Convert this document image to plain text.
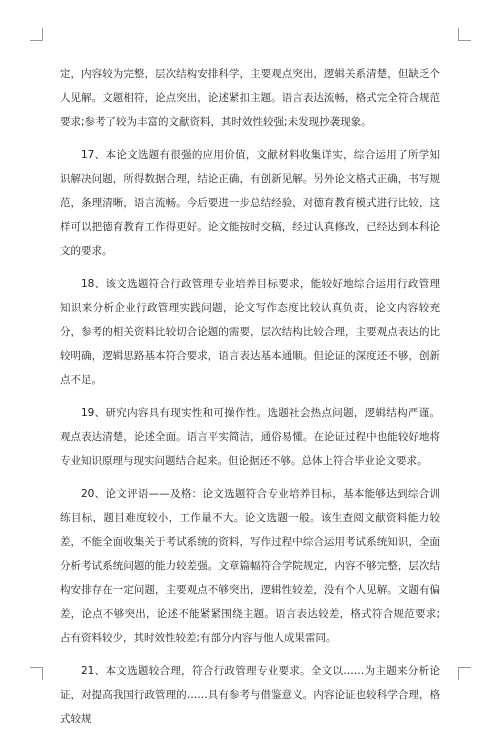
定，内容较为完整，层次结构安排科学，主要观点突出，逻辑关系清楚，但缺乏个人见解。文题相符，论点突出，论述紧扣主题。语言表达流畅，格式完全符合规范要求;参考了较为丰富的文献资料，其时效性较强;未发现抄袭现象。

17、本论文选题有很强的应用价值，文献材料收集详实，综合运用了所学知识解决问题，所得数据合理，结论正确，有创新见解。另外论文格式正确，书写规范，条理清晰，语言流畅。今后要进一步总结经验，对德育教育模式进行比较，这样可以把德育教育工作得更好。论文能按时交稿，经过认真修改，已经达到本科论文的要求。

18、该文选题符合行政管理专业培养目标要求，能较好地综合运用行政管理知识来分析企业行政管理实践问题，论文写作态度比较认真负责，论文内容较充分，参考的相关资料比较切合论题的需要，层次结构比较合理，主要观点表达的比较明确，逻辑思路基本符合要求，语言表达基本通顺。但论证的深度还不够，创新点不足。

19、研究内容具有现实性和可操作性。选题社会热点问题，逻辑结构严谨。观点表达清楚，论述全面。语言平实简洁，通俗易懂。在论证过程中也能较好地将专业知识原理与现实问题结合起来。但论据还不够。总体上符合毕业论文要求。

20、论文评语——及格：论文选题符合专业培养目标，基本能够达到综合训练目标，题目难度较小，工作量不大。论文选题一般。该生查阅文献资料能力较差，不能全面收集关于考试系统的资料，写作过程中综合运用考试系统知识，全面分析考试系统问题的能力较差强。文章篇幅符合学院规定，内容不够完整，层次结构安排存在一定问题，主要观点不够突出，逻辑性较差，没有个人见解。文题有偏差，论点不够突出，论述不能紧紧围绕主题。语言表达较差，格式符合规范要求;占有资料较少，其时效性较差;有部分内容与他人成果雷同。

21、本文选题较合理，符合行政管理专业要求。全文以……为主题来分析论证，对提高我国行政管理的……具有参考与借鉴意义。内容论证也较科学合理，格式较规
